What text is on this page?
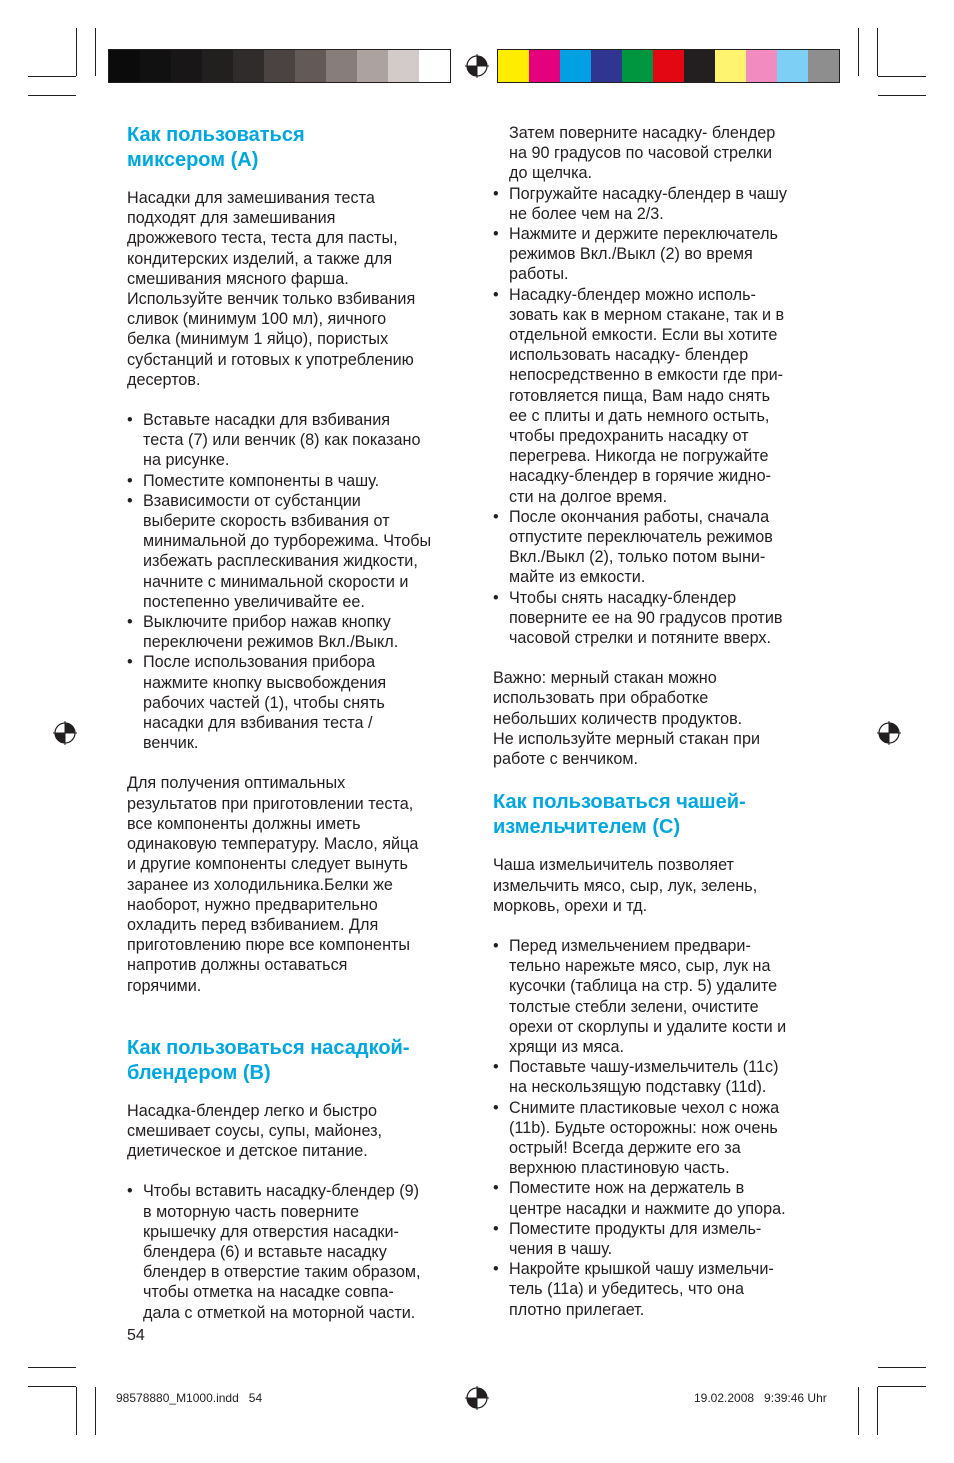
Как пользоваться
миксером (A)

Насадки для замешивания теста
подходят для замешивания
дрожжевого теста, теста для пасты,
кондитерских изделий, а также для
смешивания мясного фарша.
Используйте венчик только взбивания
сливок (минимум 100 мл), яичного
белка (минимум 1 яйцо), пористых
субстанций и готовых к употреблению
десертов.

• Вставьте насадки для взбивания
теста (7) или венчик (8) как показано
на рисунке.
• Поместите компоненты в чашу.
• Взависимости от субстанции
выберите скорость взбивания от
минимальной до турборежима. Чтобы
избежать расплескивания жидкости,
начните с минимальной скорости и
постепенно увеличивайте ее.
• Выключите прибор нажав кнопку
переключени режимов Вкл./Выкл.
• После использования прибора
нажмите кнопку высвобождения
рабочих частей (1), чтобы снять
насадки для взбивания теста /
венчик.

Для получения оптимальных
результатов при приготовлении теста,
все компоненты должны иметь
одинаковую температуру. Масло, яйца
и другие компоненты следует вынуть
заранее из холодильника.Белки же
наоборот, нужно предварительно
охладить перед взбиванием. Для
приготовлению пюре все компоненты
напротив должны оставаться
горячими.

Как пользоваться насадкой-
блендером (B)

Насадка-блендер легко и быстро
смешивает соусы, супы, майонез,
диетическое и детское питание.

• Чтобы вставить насадку-блендер (9)
в моторную часть поверните
крышечку для отверстия насадки-
блендера (6) и вставьте насадку
блендер в отверстие таким образом,
чтобы отметка на насадке совпа-
дала с отметкой на моторной части.

Затем поверните насадку- блендер
на 90 градусов по часовой стрелки
до щелчка.

• Погружайте насадку-блендер в чашу
не более чем на 2/3.
• Нажмите и держите переключатель
режимов Вкл./Выкл (2) во время
работы.
• Насадку-блендер можно исполь-
зовать как в мерном стакане, так и в
отдельной емкости. Если вы хотите
использовать насадку- блендер
непосредственно в емкости где при-
готовляется пища, Вам надо снять
ее с плиты и дать немного остыть,
чтобы предохранить насадку от
перегрева. Никогда не погружайте
насадку-блендер в горячие жидно-
сти на долгое время.
• После окончания работы, сначала
отпустите переключатель режимов
Вкл./Выкл (2), только потом выни-
майте из емкости.
• Чтобы снять насадку-блендер
поверните ее на 90 градусов против
часовой стрелки и потяните вверх.

Важно: мерный стакан можно
использовать при обработке
небольших количеств продуктов.
Не используйте мерный стакан при
работе с венчиком.

Как пользоваться чашей-
измельчителем (C)

Чаша измельичитель позволяет
измельчить мясо, сыр, лук, зелень,
морковь, орехи и тд.

• Перед измельчением предвари-
тельно нарежьте мясо, сыр, лук на
кусочки (таблица на стр. 5) удалите
толстые стебли зелени, очистите
орехи от скорлупы и удалите кости и
хрящи из мяса.
• Поставьте чашу-измельчитель (11c)
на нескользящую подставку (11d).
• Снимите пластиковые чехол с ножа
(11b). Будьте осторожны: нож очень
острый! Всегда держите его за
верхнюю пластиновую часть.
• Поместите нож на держатель в
центре насадки и нажмите до упора.
• Поместите продукты для измель-
чения в чашу.
• Накройте крышкой чашу измельчи-
тель (11a) и убедитесь, что она
плотно прилегает.
54
98578880_M1000.indd   54	19.02.2008   9:39:46 Uhr
